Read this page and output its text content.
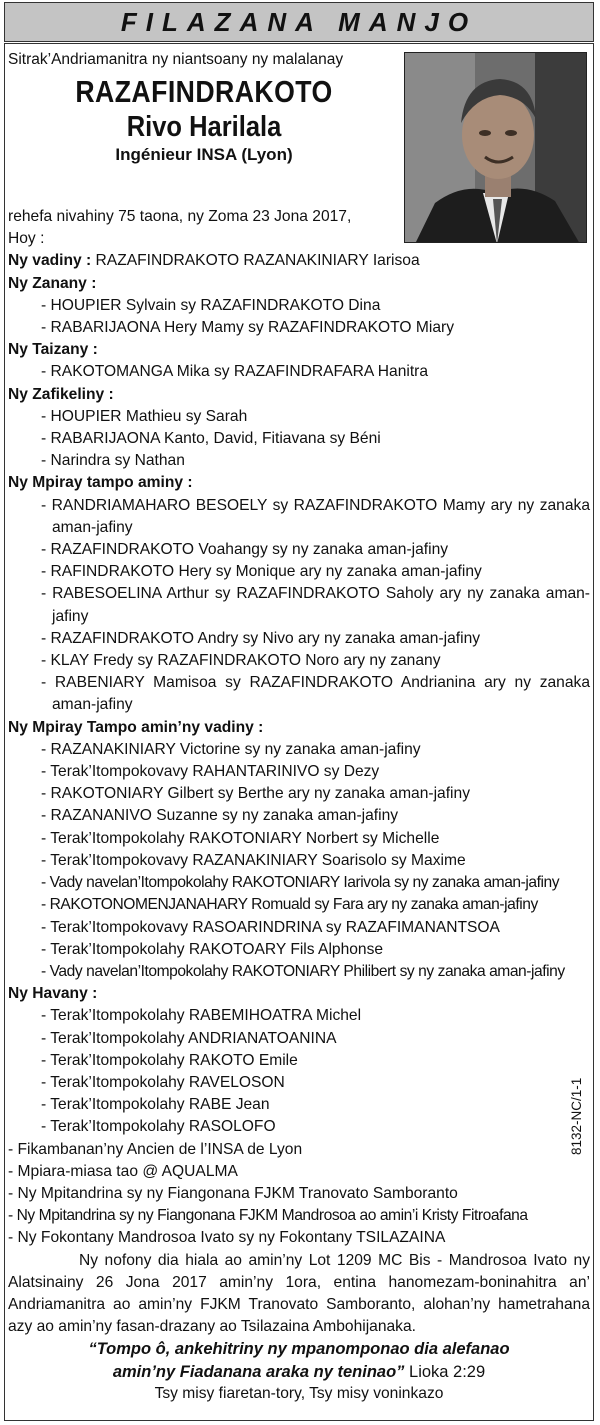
FILAZANA MANJO

Sitrak’Andriamanitra ny niantsoany ny malalanay

RAZAFINDRAKOTO

Rivo Harilala

Ingénieur INSA (Lyon)

rehefa nivahiny 75 taona, ny Zoma 23 Jona 2017,

Hoy :

Ny vadiny : RAZAFINDRAKOTO RAZANAKINIARY Iarisoa

Ny Zanany :

- HOUPIER Sylvain sy RAZAFINDRAKOTO Dina

- RABARIJAONA Hery Mamy sy RAZAFINDRAKOTO Miary

Ny Taizany :

- RAKOTOMANGA Mika sy RAZAFINDRAFARA Hanitra

Ny Zafikeliny :

- HOUPIER Mathieu sy Sarah

- RABARIJAONA Kanto, David, Fitiavana sy Béni

- Narindra sy Nathan

Ny Mpiray tampo aminy :

- RANDRIAMAHARO BESOELY sy RAZAFINDRAKOTO Mamy ary ny zanaka aman-jafiny

- RAZAFINDRAKOTO Voahangy sy ny zanaka aman-jafiny

- RAFINDRAKOTO Hery sy Monique ary ny zanaka aman-jafiny

- RABESOELINA Arthur sy RAZAFINDRAKOTO Saholy ary ny zanaka aman-jafiny

- RAZAFINDRAKOTO Andry sy Nivo ary ny zanaka aman-jafiny

- KLAY Fredy sy RAZAFINDRAKOTO Noro ary ny zanany

- RABENIARY Mamisoa sy RAZAFINDRAKOTO Andrianina ary ny zanaka aman-jafiny

Ny Mpiray Tampo amin’ny vadiny :

- RAZANAKINIARY Victorine sy ny zanaka aman-jafiny

- Terak’Itompokovavy RAHANTARINIVO sy Dezy

- RAKOTONIARY Gilbert sy Berthe ary ny zanaka aman-jafiny

- RAZANANIVO Suzanne sy ny zanaka aman-jafiny

- Terak’Itompokolahy RAKOTONIARY Norbert sy Michelle

- Terak’Itompokovavy RAZANAKINIARY Soarisolo sy Maxime

- Vady navelan’Itompokolahy RAKOTONIARY Iarivola sy ny zanaka aman-jafiny

- RAKOTONOMENJANAHARY Romuald sy Fara ary ny zanaka aman-jafiny

- Terak’Itompokovavy RASOARINDRINA sy RAZAFIMANANTSOA

- Terak’Itompokolahy RAKOTOARY Fils Alphonse

- Vady navelan’Itompokolahy RAKOTONIARY Philibert sy ny zanaka aman-jafiny

Ny Havany :

- Terak’Itompokolahy RABEMIHOATRA Michel

- Terak’Itompokolahy ANDRIANATOANINA

- Terak’Itompokolahy RAKOTO Emile

- Terak’Itompokolahy RAVELOSON

- Terak’Itompokolahy RABE Jean

- Terak’Itompokolahy RASOLOFO

- Fikambanan’ny Ancien de l’INSA de Lyon

- Mpiara-miasa tao @ AQUALMA

- Ny Mpitandrina sy ny Fiangonana FJKM Tranovato Samboranto

- Ny Mpitandrina sy ny Fiangonana FJKM Mandrosoa ao amin’i Kristy Fitroafana

- Ny Fokontany Mandrosoa Ivato sy ny Fokontany TSILAZAINA

Ny nofony dia hiala ao amin’ny Lot 1209 MC Bis - Mandrosoa Ivato ny Alatsinainy 26 Jona 2017 amin’ny 1ora, entina hanomezam-boninahitra an’ Andriamanitra ao amin’ny FJKM Tranovato Samboranto, alohan’ny hametrahana azy ao amin’ny fasan-drazany ao Tsilazaina Ambohijanaka.

“Tompo ô, ankehitriny ny mpanomponao dia alefanao

amin’ny Fiadanana araka ny teninao” Lioka 2:29

Tsy misy fiaretan-tory, Tsy misy voninkazo

8132-NC/1-1
